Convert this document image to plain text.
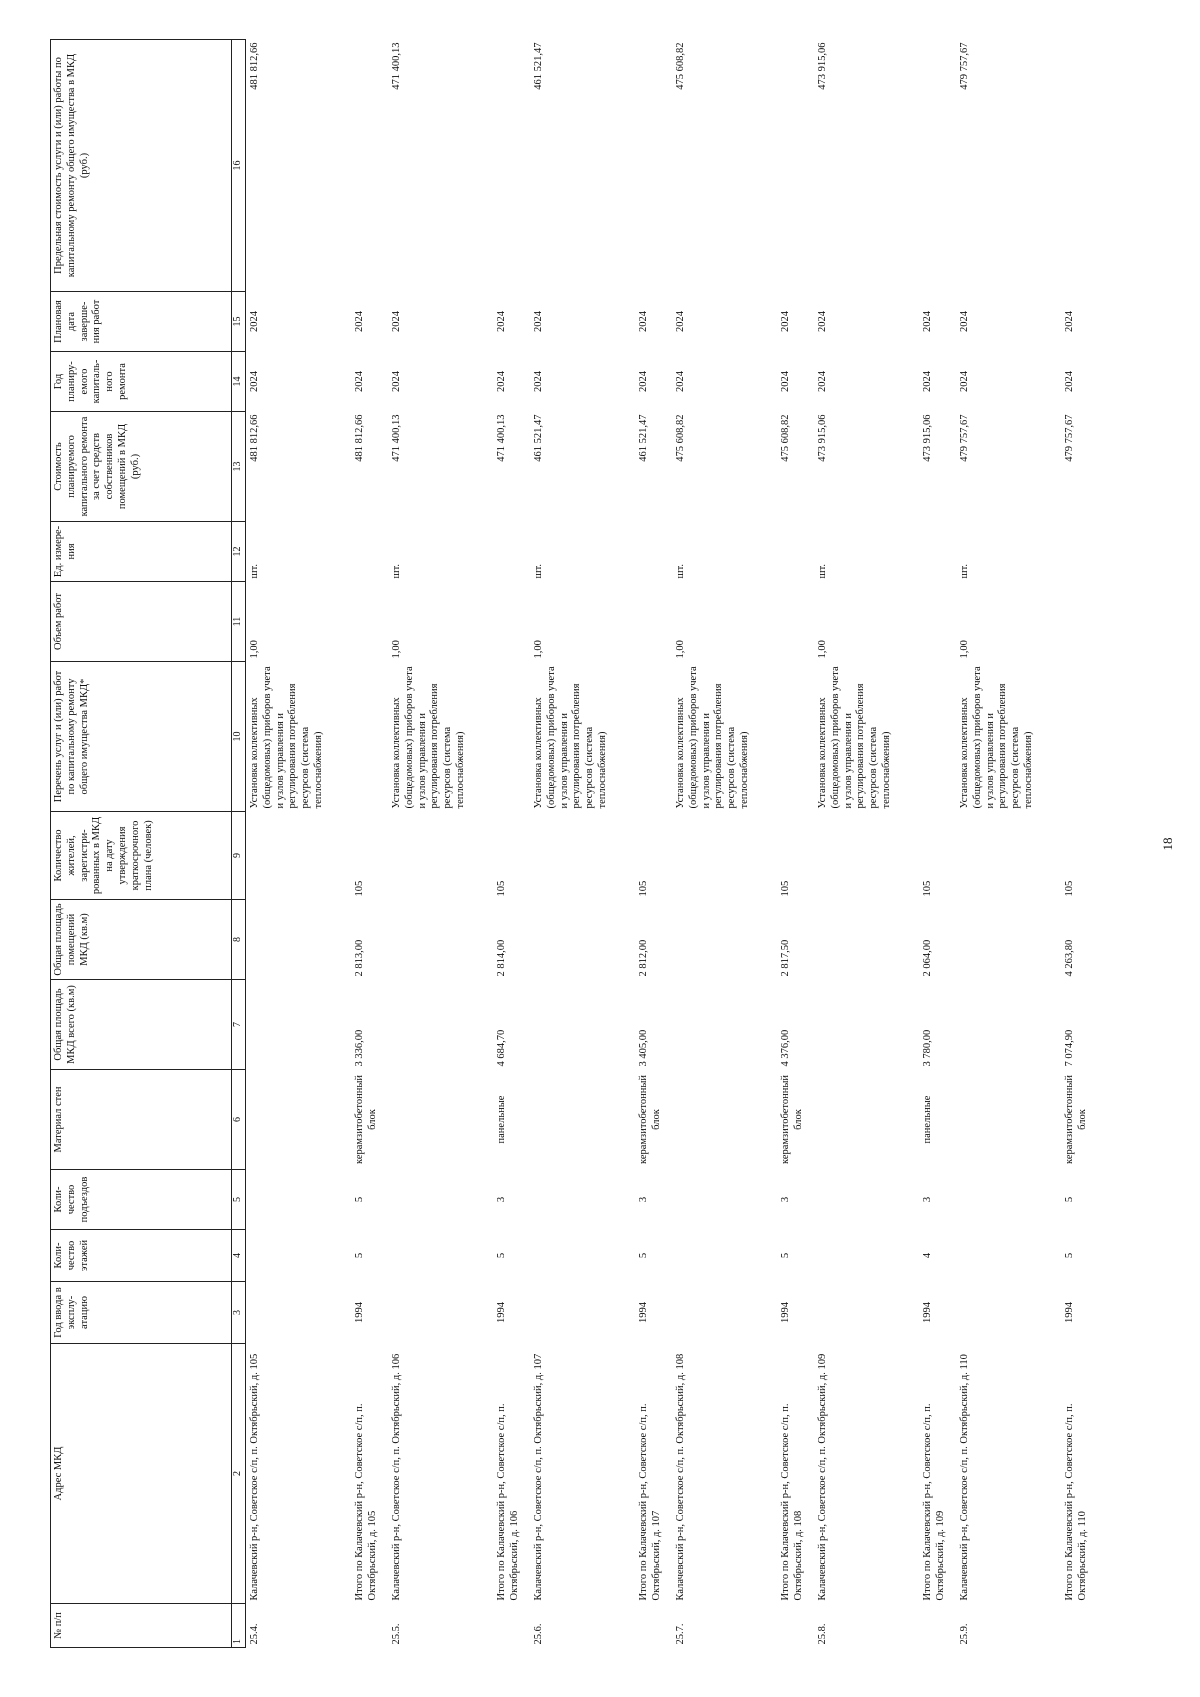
№ п/п	Адрес МКД	Год ввода в эксплу-атацию	Коли-чество этажей	Коли-чество подъездов	Материал стен	Общая площадь МКД всего (кв.м)	Общая площадь помещений МКД (кв.м)	Количество жителей, зарегистри-рованных в МКД на дату утверждения краткосрочного плана (человек)	Перечень услуг и (или) работ по капитальному ремонту общего имущества МКД*	Объем работ	Ед. измере-ния	Стоимость планируемого капитального ремонта за счет средств собственников помещений в МКД (руб.)	Год планиру-емого капиталь-ного ремонта	Плановая дата заверше-ния работ	Предельная стоимость услуги и (или) работы по капитальному ремонту общего имущества в МКД (руб.)
1	2	3	4	5	6	7	8	9	10	11	12	13	14	15	16
25.4.	Калачевский р-н, Советское с/п, п. Октябрьский, д. 105								Установка коллективных (общедомовых) приборов учета и узлов управления и регулирования потребления ресурсов (система теплоснабжения)	1,00	шт.	481 812,66	2024	2024	481 812,66
	Итого по Калачевский р-н, Советское с/п, п. Октябрьский, д. 105	1994	5	5	керамзитобетонный блок	3 336,00	2 813,00	105				481 812,66	2024	2024	
25.5.	Калачевский р-н, Советское с/п, п. Октябрьский, д. 106								Установка коллективных (общедомовых) приборов учета и узлов управления и регулирования потребления ресурсов (система теплоснабжения)	1,00	шт.	471 400,13	2024	2024	471 400,13
	Итого по Калачевский р-н, Советское с/п, п. Октябрьский, д. 106	1994	5	3	панельные	4 684,70	2 814,00	105				471 400,13	2024	2024	
25.6.	Калачевский р-н, Советское с/п, п. Октябрьский, д. 107								Установка коллективных (общедомовых) приборов учета и узлов управления и регулирования потребления ресурсов (система теплоснабжения)	1,00	шт.	461 521,47	2024	2024	461 521,47
	Итого по Калачевский р-н, Советское с/п, п. Октябрьский, д. 107	1994	5	3	керамзитобетонный блок	3 405,00	2 812,00	105				461 521,47	2024	2024	
25.7.	Калачевский р-н, Советское с/п, п. Октябрьский, д. 108								Установка коллективных (общедомовых) приборов учета и узлов управления и регулирования потребления ресурсов (система теплоснабжения)	1,00	шт.	475 608,82	2024	2024	475 608,82
	Итого по Калачевский р-н, Советское с/п, п. Октябрьский, д. 108	1994	5	3	керамзитобетонный блок	4 376,00	2 817,50	105				475 608,82	2024	2024	
25.8.	Калачевский р-н, Советское с/п, п. Октябрьский, д. 109								Установка коллективных (общедомовых) приборов учета и узлов управления и регулирования потребления ресурсов (система теплоснабжения)	1,00	шт.	473 915,06	2024	2024	473 915,06
	Итого по Калачевский р-н, Советское с/п, п. Октябрьский, д. 109	1994	4	3	панельные	3 780,00	2 064,00	105				473 915,06	2024	2024	
25.9.	Калачевский р-н, Советское с/п, п. Октябрьский, д. 110								Установка коллективных (общедомовых) приборов учета и узлов управления и регулирования потребления ресурсов (система теплоснабжения)	1,00	шт.	479 757,67	2024	2024	479 757,67
	Итого по Калачевский р-н, Советское с/п, п. Октябрьский, д. 110	1994	5	5	керамзитобетонный блок	7 074,90	4 263,80	105				479 757,67	2024	2024	
18
